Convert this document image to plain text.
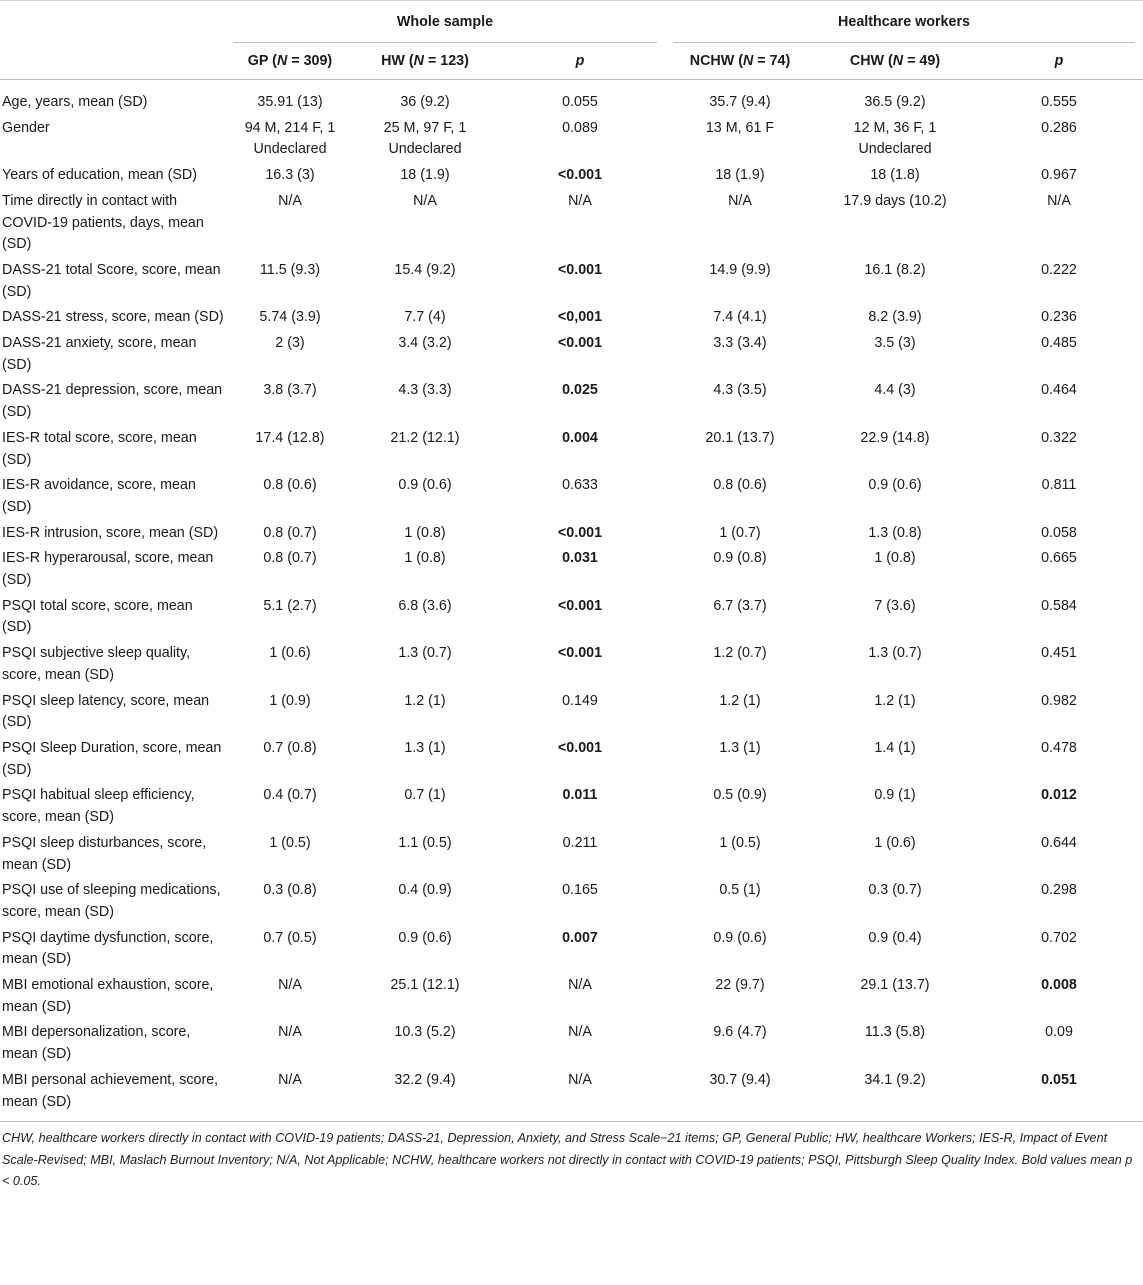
	Whole sample			Healthcare workers		

	GP (N = 309)	HW (N = 123)	p	NCHW (N = 74)	CHW (N = 49)	p
Age, years, mean (SD)	35.91 (13)	36 (9.2)	0.055	35.7 (9.4)	36.5 (9.2)	0.555
Gender	94 M, 214 F, 1 Undeclared	25 M, 97 F, 1 Undeclared	0.089	13 M, 61 F	12 M, 36 F, 1 Undeclared	0.286
Years of education, mean (SD)	16.3 (3)	18 (1.9)	<0.001	18 (1.9)	18 (1.8)	0.967
Time directly in contact with COVID-19 patients, days, mean (SD)	N/A	N/A	N/A	N/A	17.9 days (10.2)	N/A
DASS-21 total Score, score, mean (SD)	11.5 (9.3)	15.4 (9.2)	<0.001	14.9 (9.9)	16.1 (8.2)	0.222
DASS-21 stress, score, mean (SD)	5.74 (3.9)	7.7 (4)	<0,001	7.4 (4.1)	8.2 (3.9)	0.236
DASS-21 anxiety, score, mean (SD)	2 (3)	3.4 (3.2)	<0.001	3.3 (3.4)	3.5 (3)	0.485
DASS-21 depression, score, mean (SD)	3.8 (3.7)	4.3 (3.3)	0.025	4.3 (3.5)	4.4 (3)	0.464
IES-R total score, score, mean (SD)	17.4 (12.8)	21.2 (12.1)	0.004	20.1 (13.7)	22.9 (14.8)	0.322
IES-R avoidance, score, mean (SD)	0.8 (0.6)	0.9 (0.6)	0.633	0.8 (0.6)	0.9 (0.6)	0.811
IES-R intrusion, score, mean (SD)	0.8 (0.7)	1 (0.8)	<0.001	1 (0.7)	1.3 (0.8)	0.058
IES-R hyperarousal, score, mean (SD)	0.8 (0.7)	1 (0.8)	0.031	0.9 (0.8)	1 (0.8)	0.665
PSQI total score, score, mean (SD)	5.1 (2.7)	6.8 (3.6)	<0.001	6.7 (3.7)	7 (3.6)	0.584
PSQI subjective sleep quality, score, mean (SD)	1 (0.6)	1.3 (0.7)	<0.001	1.2 (0.7)	1.3 (0.7)	0.451
PSQI sleep latency, score, mean (SD)	1 (0.9)	1.2 (1)	0.149	1.2 (1)	1.2 (1)	0.982
PSQI Sleep Duration, score, mean (SD)	0.7 (0.8)	1.3 (1)	<0.001	1.3 (1)	1.4 (1)	0.478
PSQI habitual sleep efficiency, score, mean (SD)	0.4 (0.7)	0.7 (1)	0.011	0.5 (0.9)	0.9 (1)	0.012
PSQI sleep disturbances, score, mean (SD)	1 (0.5)	1.1 (0.5)	0.211	1 (0.5)	1 (0.6)	0.644
PSQI use of sleeping medications, score, mean (SD)	0.3 (0.8)	0.4 (0.9)	0.165	0.5 (1)	0.3 (0.7)	0.298
PSQI daytime dysfunction, score, mean (SD)	0.7 (0.5)	0.9 (0.6)	0.007	0.9 (0.6)	0.9 (0.4)	0.702
MBI emotional exhaustion, score, mean (SD)	N/A	25.1 (12.1)	N/A	22 (9.7)	29.1 (13.7)	0.008
MBI depersonalization, score, mean (SD)	N/A	10.3 (5.2)	N/A	9.6 (4.7)	11.3 (5.8)	0.09
MBI personal achievement, score, mean (SD)	N/A	32.2 (9.4)	N/A	30.7 (9.4)	34.1 (9.2)	0.051
CHW, healthcare workers directly in contact with COVID-19 patients; DASS-21, Depression, Anxiety, and Stress Scale−21 items; GP, General Public; HW, healthcare Workers; IES-R, Impact of Event Scale-Revised; MBI, Maslach Burnout Inventory; N/A, Not Applicable; NCHW, healthcare workers not directly in contact with COVID-19 patients; PSQI, Pittsburgh Sleep Quality Index. Bold values mean p < 0.05.
